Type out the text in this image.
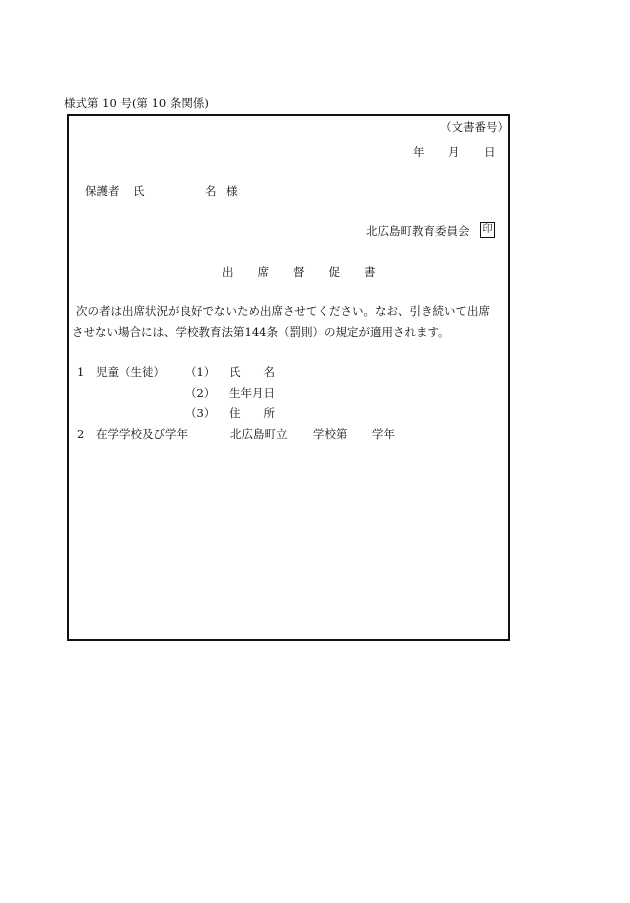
様式第 10 号(第 10 条関係)
（文書番号）
年 月 日
保護者 氏	名 様
北広島町教育委員会 印
出席督促書
次の者は出席状況が良好でないため出席させてください。なお、引き続いて出席
させない場合には、学校教育法第144条（罰則）の規定が適用されます。
1 児童（生徒） （1） 氏　　名
（2） 生年月日
（3） 住　　所
2 在学学校及び学年	北広島町立 学校第 学年
